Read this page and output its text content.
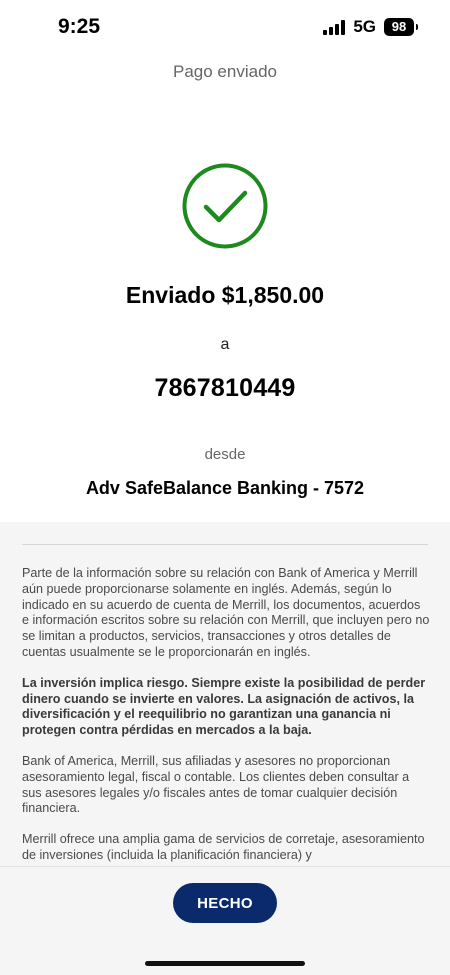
9:25	5G	98
Pago enviado
Enviado $1,850.00
a
7867810449
desde
Adv SafeBalance Banking - 7572

Parte de la información sobre su relación con Bank of America y Merrill aún puede proporcionarse solamente en inglés. Además, según lo indicado en su acuerdo de cuenta de Merrill, los documentos, acuerdos e información escritos sobre su relación con Merrill, que incluyen pero no se limitan a productos, servicios, transacciones y otros detalles de cuentas usualmente se le proporcionarán en inglés.

La inversión implica riesgo. Siempre existe la posibilidad de perder dinero cuando se invierte en valores. La asignación de activos, la diversificación y el reequilibrio no garantizan una ganancia ni protegen contra pérdidas en mercados a la baja.

Bank of America, Merrill, sus afiliadas y asesores no proporcionan asesoramiento legal, fiscal o contable. Los clientes deben consultar a sus asesores legales y/o fiscales antes de tomar cualquier decisión financiera.

Merrill ofrece una amplia gama de servicios de corretaje, asesoramiento de inversiones (incluida la planificación financiera) y

HECHO
